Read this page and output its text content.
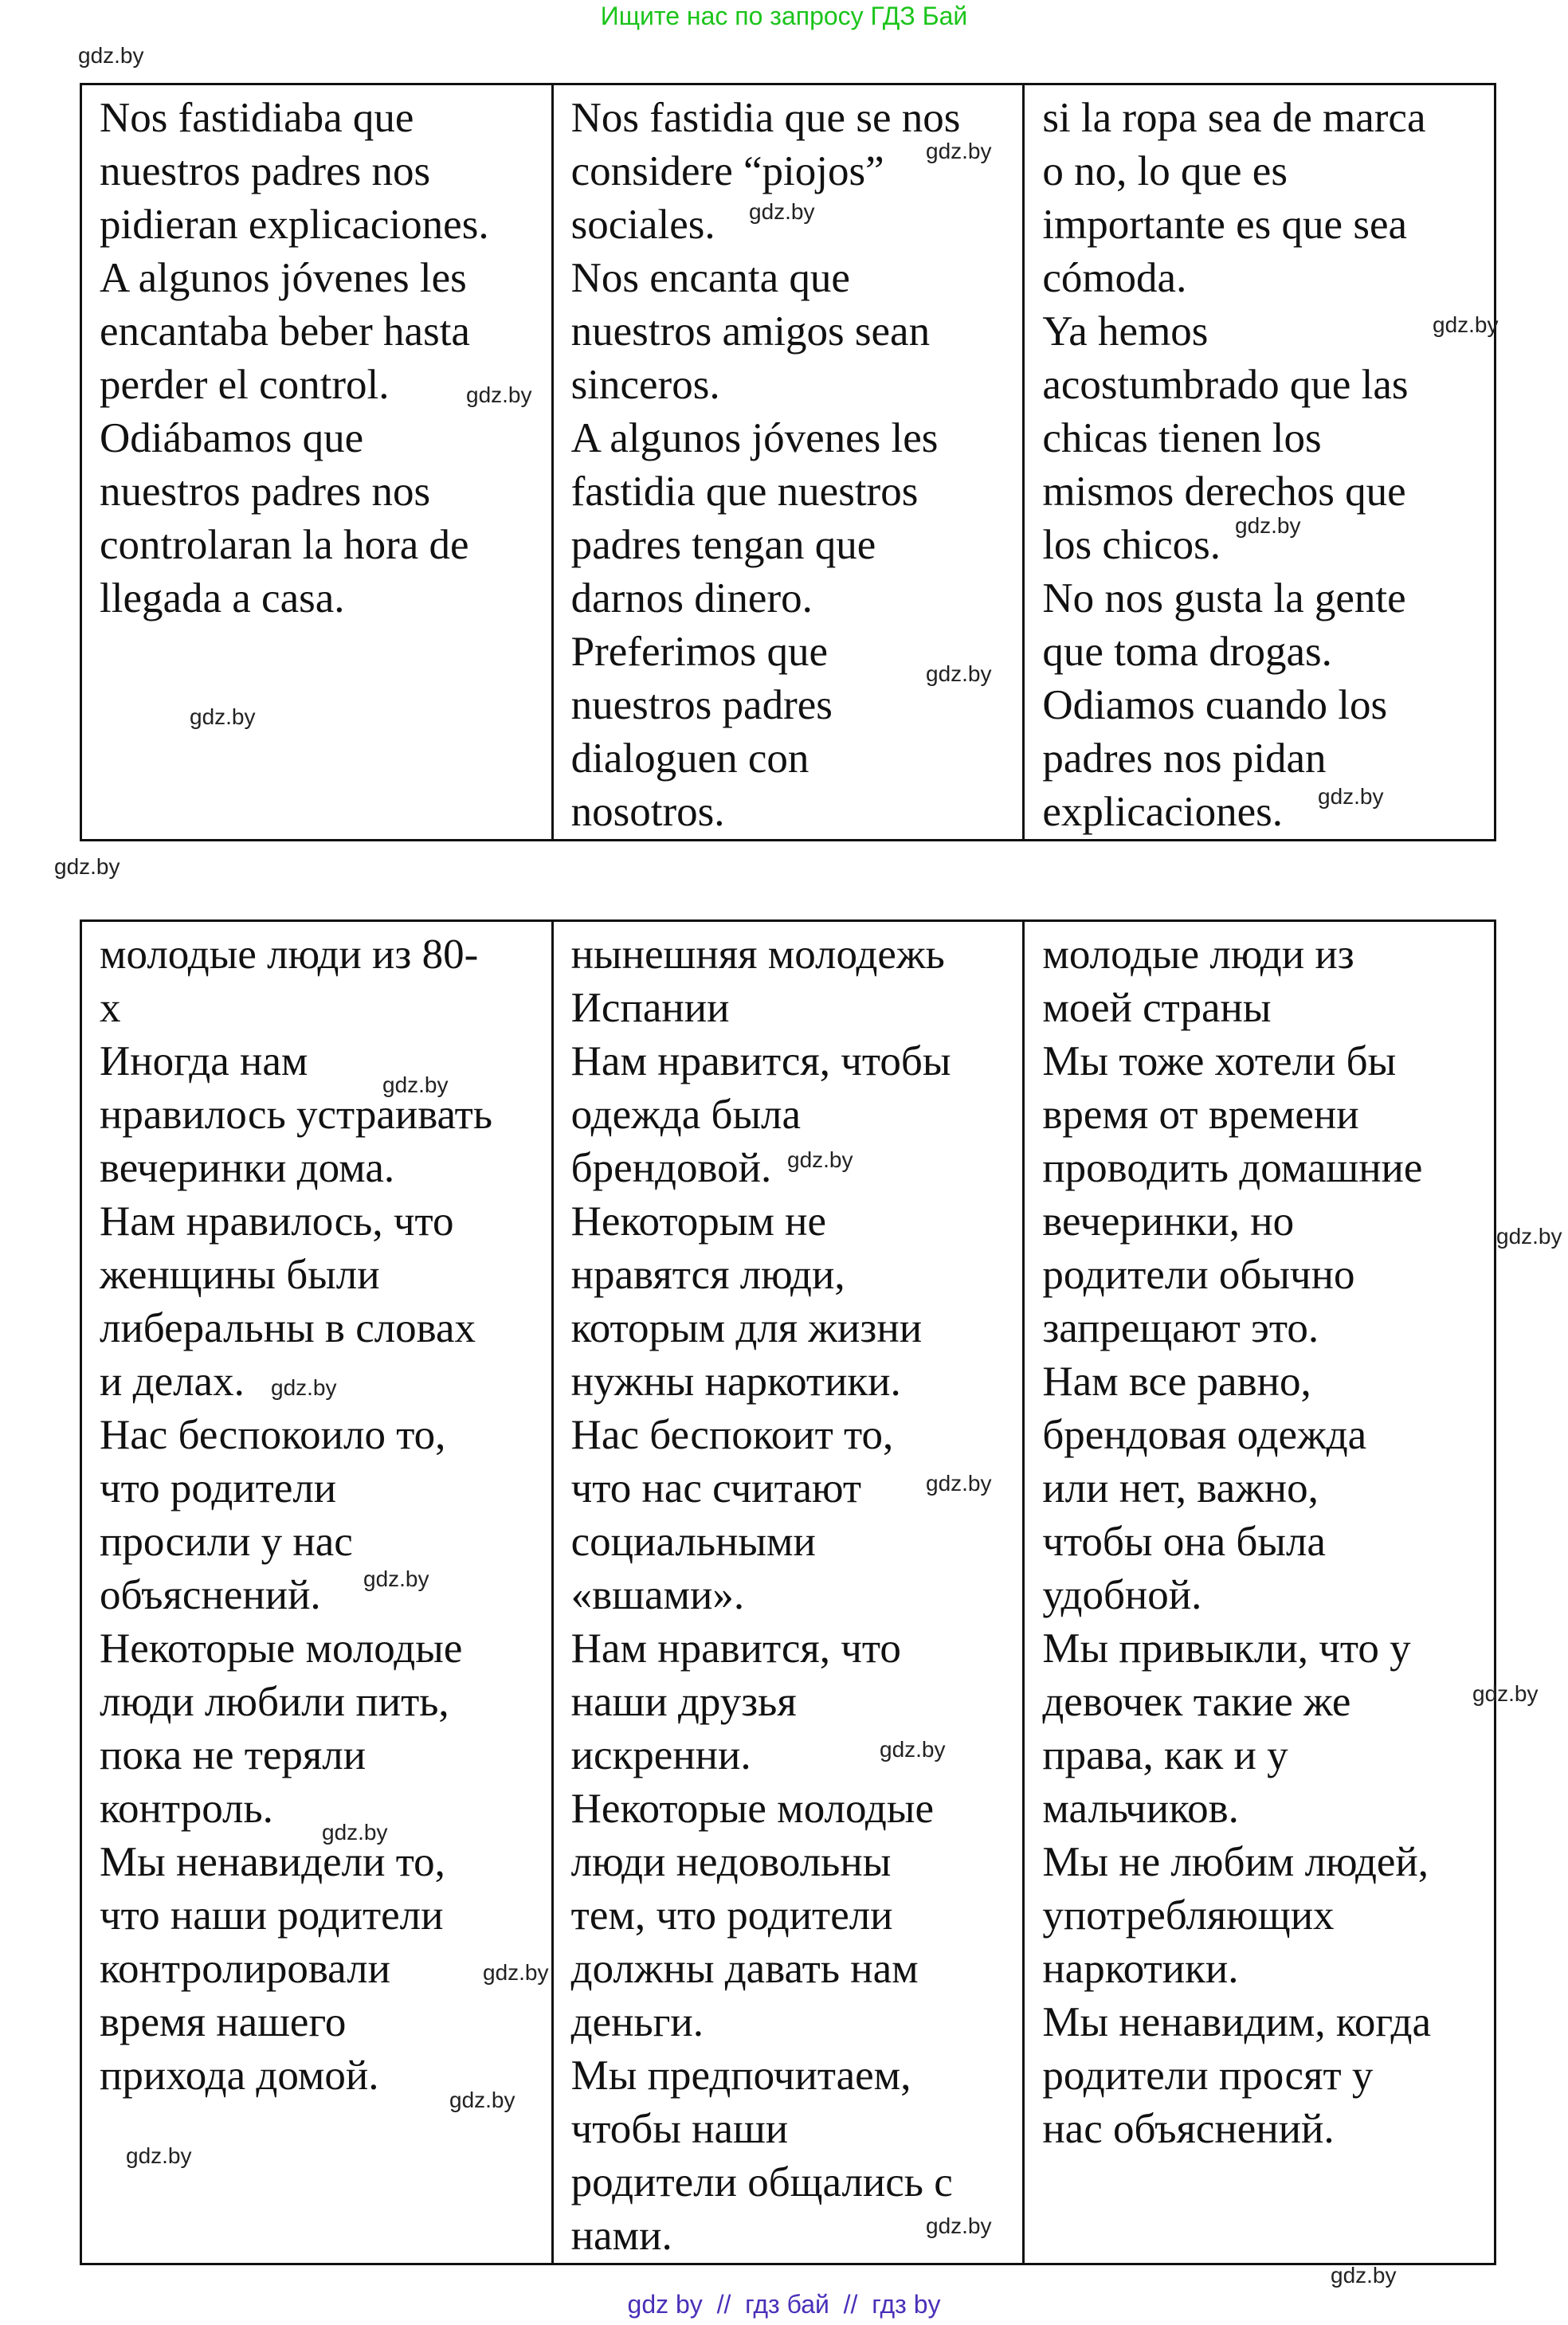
Ищите нас по запросу ГДЗ Бай
Nos fastidiaba que
nuestros padres nos
pidieran explicaciones.
A algunos jóvenes les
encantaba beber hasta
perder el control.
Odiábamos que
nuestros padres nos
controlaran la hora de
llegada a casa.	Nos fastidia que se nos
considere “piojos”
sociales.
Nos encanta que
nuestros amigos sean
sinceros.
A algunos jóvenes les
fastidia que nuestros
padres tengan que
darnos dinero.
Preferimos que
nuestros padres
dialoguen con
nosotros.	si la ropa sea de marca
o no, lo que es
importante es que sea
cómoda.
Ya hemos
acostumbrado que las
chicas tienen los
mismos derechos que
los chicos.
No nos gusta la gente
que toma drogas.
Odiamos cuando los
padres nos pidan
explicaciones.
молодые люди из 80-
х
Иногда нам
нравилось устраивать
вечеринки дома.
Нам нравилось, что
женщины были
либеральны в словах
и делах.
Нас беспокоило то,
что родители
просили у нас
объяснений.
Некоторые молодые
люди любили пить,
пока не теряли
контроль.
Мы ненавидели то,
что наши родители
контролировали
время нашего
прихода домой.	нынешняя молодежь
Испании
Нам нравится, чтобы
одежда была
брендовой.
Некоторым не
нравятся люди,
которым для жизни
нужны наркотики.
Нас беспокоит то,
что нас считают
социальными
«вшами».
Нам нравится, что
наши друзья
искренни.
Некоторые молодые
люди недовольны
тем, что родители
должны давать нам
деньги.
Мы предпочитаем,
чтобы наши
родители общались с
нами.	молодые люди из
моей страны
Мы тоже хотели бы
время от времени
проводить домашние
вечеринки, но
родители обычно
запрещают это.
Нам все равно,
брендовая одежда
или нет, важно,
чтобы она была
удобной.
Мы привыкли, что у
девочек такие же
права, как и у
мальчиков.
Мы не любим людей,
употребляющих
наркотики.
Мы ненавидим, когда
родители просят у
нас объяснений.
gdz.by
gdz.by
gdz.by
gdz.by
gdz.by
gdz.by
gdz.by
gdz.by
gdz.by
gdz.by
gdz.by
gdz.by
gdz.by
gdz.by
gdz.by
gdz.by
gdz.by
gdz.by
gdz.by
gdz.by
gdz.by
gdz.by
gdz.by
gdz.by
gdz by // гдз бай // гдз by
